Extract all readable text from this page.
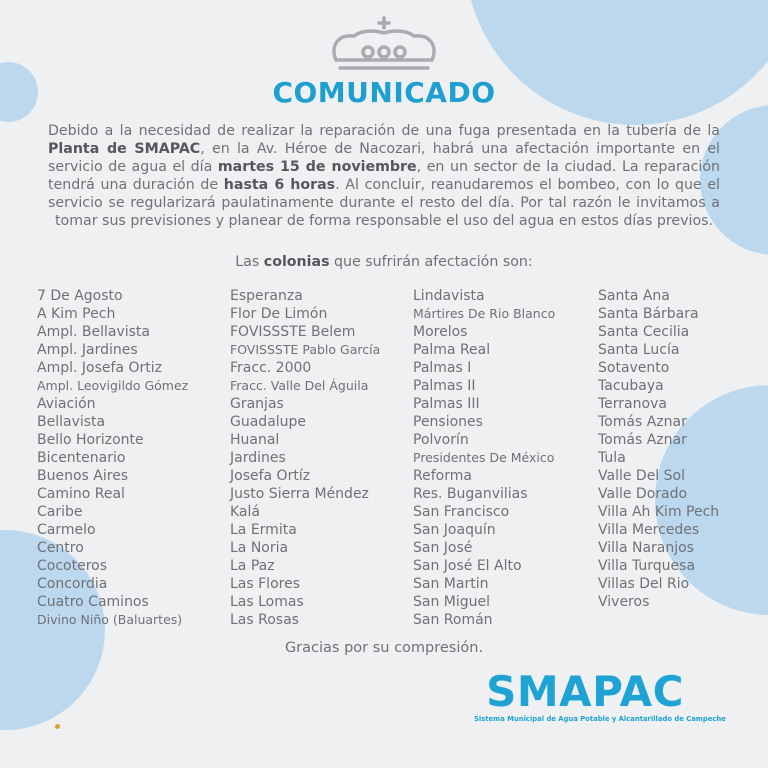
COMUNICADO
Debido a la necesidad de realizar la reparación de una fuga presentada en la tubería de la Planta de SMAPAC, en la Av. Héroe de Nacozari, habrá una afectación importante en el servicio de agua el día martes 15 de noviembre, en un sector de la ciudad. La reparación tendrá una duración de hasta 6 horas. Al concluir, reanudaremos el bombeo, con lo que el servicio se regularizará paulatinamente durante el resto del día. Por tal razón le invitamos a tomar sus previsiones y planear de forma responsable el uso del agua en estos días previos.
Las colonias que sufrirán afectación son:
7 De Agosto
A Kim Pech
Ampl. Bellavista
Ampl. Jardines
Ampl. Josefa Ortiz
Ampl. Leovigildo Gómez
Aviación
Bellavista
Bello Horizonte
Bicentenario
Buenos Aires
Camino Real
Caribe
Carmelo
Centro
Cocoteros
Concordia
Cuatro Caminos
Divino Niño (Baluartes)
Esperanza
Flor De Limón
FOVISSSTE Belem
FOVISSSTE Pablo García
Fracc. 2000
Fracc. Valle Del Águila
Granjas
Guadalupe
Huanal
Jardines
Josefa Ortíz
Justo Sierra Méndez
Kalá
La Ermita
La Noria
La Paz
Las Flores
Las Lomas
Las Rosas
Lindavista
Mártires De Rio Blanco
Morelos
Palma Real
Palmas I
Palmas II
Palmas III
Pensiones
Polvorín
Presidentes De México
Reforma
Res. Buganvilias
San Francisco
San Joaquín
San José
San José El Alto
San Martin
San Miguel
San Román
Santa Ana
Santa Bárbara
Santa Cecilia
Santa Lucía
Sotavento
Tacubaya
Terranova
Tomás Aznar
Tomás Aznar
Tula
Valle Del Sol
Valle Dorado
Villa Ah Kim Pech
Villa Mercedes
Villa Naranjos
Villa Turquesa
Villas Del Rio
Viveros
Gracias por su compresión.
SMAPAC
Sistema Municipal de Agua Potable y Alcantarillado de Campeche
